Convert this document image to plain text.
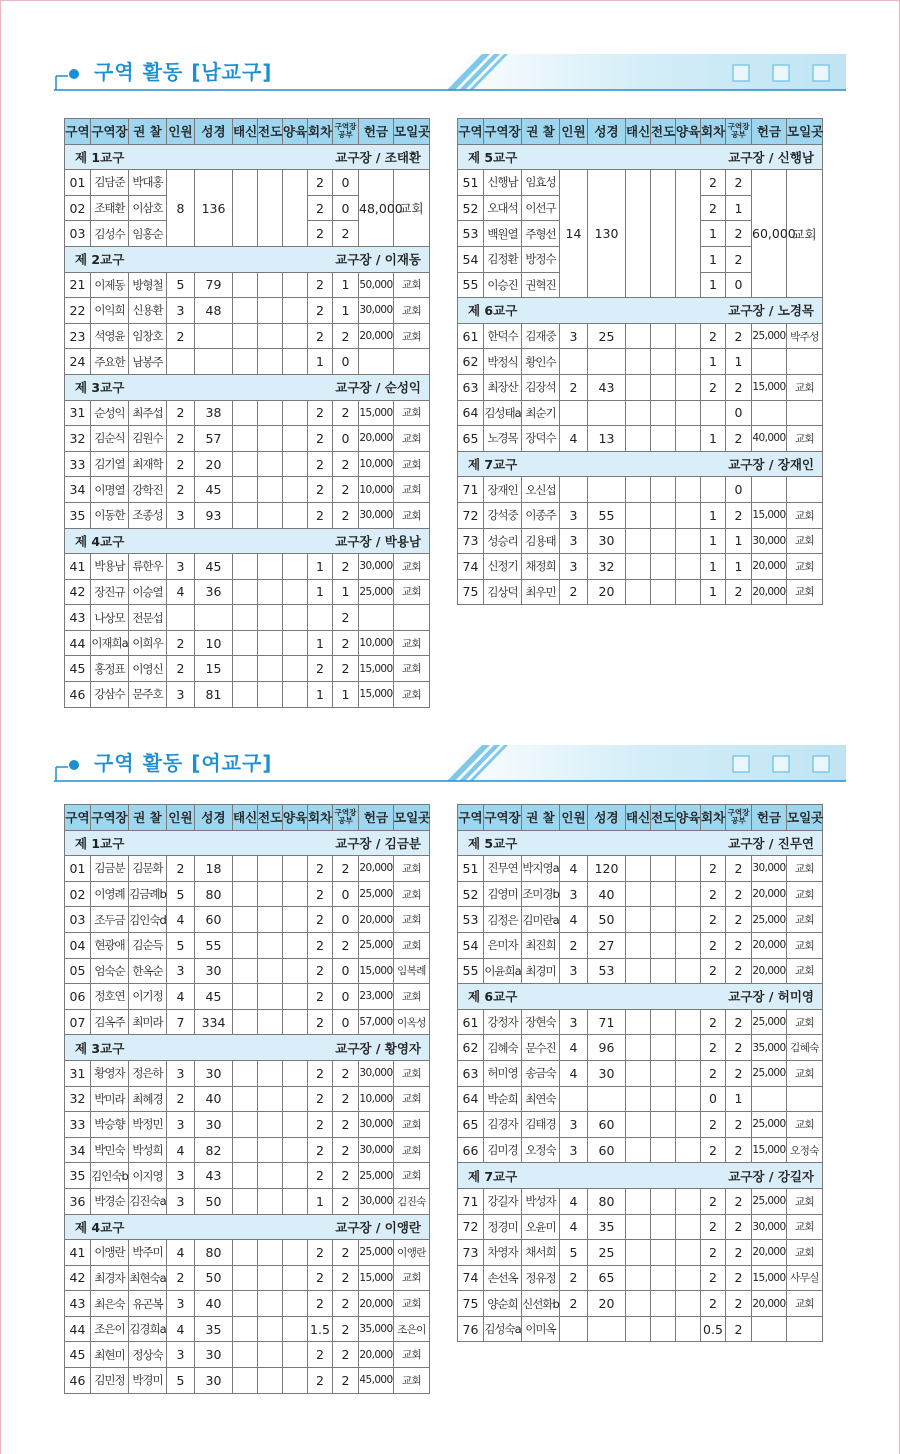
구역 활동 [남교구]
구역 활동 [여교구]
구역	구역장	권 찰	인원	성경	태신	전도	양육	회차	구역장 공부	헌금	모일곳

제 1교구 교구장 / 조태환											

01	김담준	박대홍	8	136				2	0	48,000	교회
02	조태환	이삼호						2	0		
03	김성수	임홍순						2	2		

제 2교구 교구장 / 이재동											

21	이제동	방형철	5	79				2	1	50,000	교회
22	이익희	신용환	3	48				2	1	30,000	교회
23	석영윤	임창호	2					2	2	20,000	교회
24	주요한	남봉주						1	0		

제 3교구 교구장 / 순성익											

31	순성익	최주섭	2	38				2	2	15,000	교회
32	김순식	김원수	2	57				2	0	20,000	교회
33	김기열	최재학	2	20				2	2	10,000	교회
34	이명열	강학진	2	45				2	2	10,000	교회
35	이동한	조종성	3	93				2	2	30,000	교회

제 4교구 교구장 / 박용남											

41	박용남	류한우	3	45				1	2	30,000	교회
42	장진규	이승열	4	36				1	1	25,000	교회
43	나상모	전문섭							2		
44	이재희a	이희우	2	10				1	2	10,000	교회
45	홍정표	이영신	2	15				2	2	15,000	교회
46	강삼수	문주호	3	81				1	1	15,000	교회
구역	구역장	권 찰	인원	성경	태신	전도	양육	회차	구역장 공부	헌금	모일곳

제 5교구 교구장 / 신행남											

51	신행남	임효성	14	130				2	2	60,000	교회
52	오대석	이선구						2	1		
53	백원열	주형선						1	2		
54	김정환	방정수						1	2		
55	이승진	권혁진						1	0		

제 6교구 교구장 / 노경목											

61	한덕수	김재중	3	25				2	2	25,000	박주성
62	박정식	황인수						1	1		
63	최장산	김장석	2	43				2	2	15,000	교회
64	김성태a	최순기							0		
65	노경목	장덕수	4	13				1	2	40,000	교회

제 7교구 교구장 / 장재인											

71	장재인	오신섭							0		
72	강석중	이종주	3	55				1	2	15,000	교회
73	성승리	김용태	3	30				1	1	30,000	교회
74	신정기	채정희	3	32				1	1	20,000	교회
75	김상덕	최우민	2	20				1	2	20,000	교회
구역	구역장	권 찰	인원	성경	태신	전도	양육	회차	구역장 공부	헌금	모일곳

제 1교구 교구장 / 김금분											

01	김금분	김문화	2	18				2	2	20,000	교회
02	이영례	김금례b	5	80				2	0	25,000	교회
03	조두금	김인숙d	4	60				2	0	20,000	교회
04	현광애	김순득	5	55				2	2	25,000	교회
05	엄숙순	한옥순	3	30				2	0	15,000	임복례
06	정호연	이기정	4	45				2	0	23,000	교회
07	김옥주	최미라	7	334				2	0	57,000	이옥성

제 3교구 교구장 / 황영자											

31	황영자	정은하	3	30				2	2	30,000	교회
32	박미라	최혜경	2	40				2	2	10,000	교회
33	박승향	박정민	3	30				2	2	30,000	교회
34	박민숙	박성희	4	82				2	2	30,000	교회
35	김인숙b	이지영	3	43				2	2	25,000	교회
36	박경순	김진숙a	3	50				1	2	30,000	김진숙

제 4교구 교구장 / 이앵란											

41	이앵란	박주미	4	80				2	2	25,000	이앵란
42	최경자	최현숙a	2	50				2	2	15,000	교회
43	최은숙	유곤복	3	40				2	2	20,000	교회
44	조은이	김경희a	4	35				1.5	2	35,000	조은이
45	최현미	정상숙	3	30				2	2	20,000	교회
46	김민정	박경미	5	30				2	2	45,000	교회
구역	구역장	권 찰	인원	성경	태신	전도	양육	회차	구역장 공부	헌금	모일곳

제 5교구 교구장 / 진무연											

51	진무연	박지영a	4	120				2	2	30,000	교회
52	김영미	조미경b	3	40				2	2	20,000	교회
53	김정은	김미란a	4	50				2	2	25,000	교회
54	은미자	최진희	2	27				2	2	20,000	교회
55	이윤희a	최경미	3	53				2	2	20,000	교회

제 6교구 교구장 / 허미영											

61	강정자	장현숙	3	71				2	2	25,000	교회
62	김혜숙	문수진	4	96				2	2	35,000	김혜숙
63	허미영	송금숙	4	30				2	2	25,000	교회
64	박순희	최연숙						0	1		
65	김경자	김태경	3	60				2	2	25,000	교회
66	김미경	오정숙	3	60				2	2	15,000	오정숙

제 7교구 교구장 / 강길자											

71	강길자	박성자	4	80				2	2	25,000	교회
72	정경미	오윤미	4	35				2	2	30,000	교회
73	차영자	채서희	5	25				2	2	20,000	교회
74	손선옥	정유정	2	65				2	2	15,000	사무실
75	양순희	신선화b	2	20				2	2	20,000	교회
76	김성숙a	이미옥						0.5	2		
